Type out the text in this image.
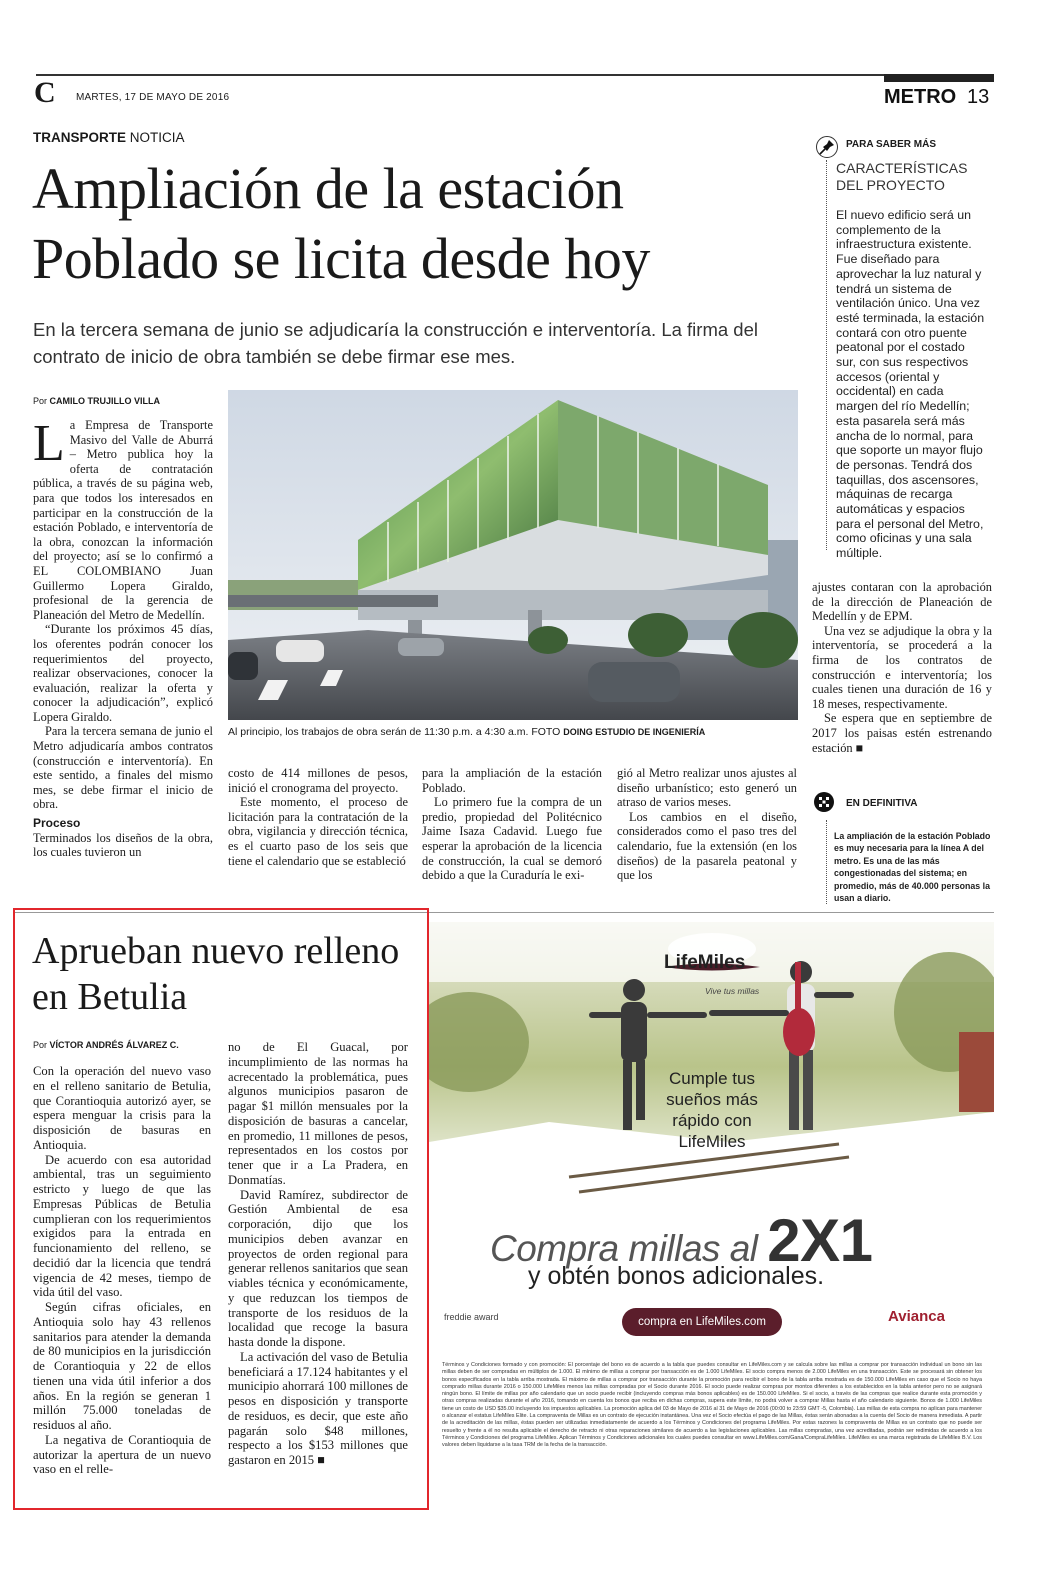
C MARTES, 17 DE MAYO DE 2016	METRO 13
TRANSPORTE NOTICIA
Ampliación de la estación Poblado se licita desde hoy
En la tercera semana de junio se adjudicaría la construcción e interventoría. La firma del contrato de inicio de obra también se debe firmar ese mes.
Por CAMILO TRUJILLO VILLA

La Empresa de Transporte Masivo del Valle de Aburrá – Metro publica hoy la oferta de contratación pública, a través de su página web, para que todos los interesados en participar en la construcción de la estación Poblado, e interventoría de la obra, conozcan la información del proyecto; así se lo confirmó a EL COLOMBIANO Juan Guillermo Lopera Giraldo, profesional de la gerencia de Planeación del Metro de Medellín.

“Durante los próximos 45 días, los oferentes podrán conocer los requerimientos del proyecto, realizar observaciones, conocer la evaluación, realizar la oferta y conocer la adjudicación”, explicó Lopera Giraldo.

Para la tercera semana de junio el Metro adjudicaría ambos contratos (construcción e interventoría). En este sentido, a finales del mismo mes, se debe firmar el inicio de obra.

Proceso

Terminados los diseños de la obra, los cuales tuvieron un

Al principio, los trabajos de obra serán de 11:30 p.m. a 4:30 a.m. FOTO DOING ESTUDIO DE INGENIERÍA

costo de 414 millones de pesos, inició el cronograma del proyecto.

Este momento, el proceso de licitación para la contratación de la obra, vigilancia y dirección técnica, es el cuarto paso de los seis que tiene el calendario que se estableció

para la ampliación de la estación Poblado.

Lo primero fue la compra de un predio, propiedad del Politécnico Jaime Isaza Cadavid. Luego fue esperar la aprobación de la licencia de construcción, la cual se demoró debido a que la Curaduría le exi-

gió al Metro realizar unos ajustes al diseño urbanístico; esto generó un atraso de varios meses.

Los cambios en el diseño, considerados como el paso tres del calendario, fue la extensión (en los diseños) de la pasarela peatonal y que los

ajustes contaran con la aprobación de la dirección de Planeación de Medellín y de EPM.

Una vez se adjudique la obra y la interventoría, se procederá a la firma de los contratos de construcción e interventoría; los cuales tienen una duración de 16 y 18 meses, respectivamente.

Se espera que en septiembre de 2017 los paisas estén estrenando estación ■

PARA SABER MÁS
CARACTERÍSTICAS DEL PROYECTO
El nuevo edificio será un complemento de la infraestructura existente. Fue diseñado para aprovechar la luz natural y tendrá un sistema de ventilación único. Una vez esté terminada, la estación contará con otro puente peatonal por el costado sur, con sus respectivos accesos (oriental y occidental) en cada margen del río Medellín; esta pasarela será más ancha de lo normal, para que soporte un mayor flujo de personas. Tendrá dos taquillas, dos ascensores, máquinas de recarga automáticas y espacios para el personal del Metro, como oficinas y una sala múltiple.
EN DEFINITIVA
La ampliación de la estación Poblado es muy necesaria para la línea A del metro. Es una de las más congestionadas del sistema; en promedio, más de 40.000 personas la usan a diario.
Aprueban nuevo relleno en Betulia
Por VÍCTOR ANDRÉS ÁLVAREZ C.

Con la operación del nuevo vaso en el relleno sanitario de Betulia, que Corantioquia autorizó ayer, se espera menguar la crisis para la disposición de basuras en Antioquia.

De acuerdo con esa autoridad ambiental, tras un seguimiento estricto y luego de que las Empresas Públicas de Betulia cumplieran con los requerimientos exigidos para la entrada en funcionamiento del relleno, se decidió dar la licencia que tendrá vigencia de 42 meses, tiempo de vida útil del vaso.

Según cifras oficiales, en Antioquia solo hay 43 rellenos sanitarios para atender la demanda de 80 municipios en la jurisdicción de Corantioquia y 22 de ellos tienen una vida útil inferior a dos años. En la región se generan 1 millón 75.000 toneladas de residuos al año.

La negativa de Corantioquia de autorizar la apertura de un nuevo vaso en el relle-

no de El Guacal, por incumplimiento de las normas ha acrecentado la problemática, pues algunos municipios pasaron de pagar $1 millón mensuales por la disposición de basuras a cancelar, en promedio, 11 millones de pesos, representados en los costos por tener que ir a La Pradera, en Donmatías.

David Ramírez, subdirector de Gestión Ambiental de esa corporación, dijo que los municipios deben avanzar en proyectos de orden regional para generar rellenos sanitarios que sean viables técnica y económicamente, y que reduzcan los tiempos de transporte de los residuos de la localidad que recoge la basura hasta donde la dispone.

La activación del vaso de Betulia beneficiará a 17.124 habitantes y el municipio ahorrará 100 millones de pesos en disposición y transporte de residuos, es decir, que este año pagarán solo $48 millones, respecto a los $153 millones que gastaron en 2015 ■

LifeMiles
Vive tus millas
Cumple tus sueños más rápido con LifeMiles
Compra millas al 2X1
y obtén bonos adicionales.
compra en LifeMiles.com
freddie award	Avianca
Términos y Condiciones formado y con promoción: El porcentaje del bono es de acuerdo a la tabla que puedes consultar en LifeMiles.com y se calcula sobre las millas a comprar por transacción individual un bono sin las millas deben de ser compradas en múltiplos de 1.000. El mínimo de millas a comprar por transacción es de 1.000 LifeMiles. El socio compra menos de 2.000 LifeMiles en una transacción. Este se procesará sin obtener los bonos especificados en la tabla arriba mostrada. El máximo de millas a comprar por transacción durante la promoción para recibir el bono de la tabla arriba mostrada es de 150.000 LifeMiles en caso que el Socio no haya comprado millas durante 2016 o 150.000 LifeMiles menos las millas compradas por el Socio durante 2016. El socio puede realizar compras por montos diferentes a los establecidos en la tabla anterior pero no se asignará ningún bono. El límite de millas por año calendario que un socio puede recibir (incluyendo compras más bonos aplicables) es de 150.000 LifeMiles. Si el socio, a través de las compras que realice durante esta promoción y otras compras realizadas durante el año 2016, tomando en cuenta los bonos que reciba en dichas compras, supera este límite, no podrá volver a comprar Millas hasta el año calendario siguiente. Bonos de 1.000 LifeMiles tiene un costo de USD $35.00 incluyendo los impuestos aplicables. La promoción aplica del 03 de Mayo de 2016 al 31 de Mayo de 2016 (00:00 to 23:59 GMT -5, Colombia). Las millas de esta compra no aplican para mantener o alcanzar el estatus LifeMiles Elite. La compraventa de Millas es un contrato de ejecución instantánea. Una vez el Socio efectúa el pago de las Millas, éstas serán abonadas a la cuenta del Socio de manera inmediata. A partir de la acreditación de las millas, éstas pueden ser utilizadas inmediatamente de acuerdo a los Términos y Condiciones del programa LifeMiles. Por estas razones la compraventa de Millas es un contrato que no puede ser resuelto y frente a él no resulta aplicable el derecho de retracto ni otras reparaciones similares de acuerdo a las legislaciones aplicables. Las millas compradas, una vez acreditadas, podrán ser redimidas de acuerdo a los Términos y Condiciones del programa LifeMiles. Aplican Términos y Condiciones adicionales los cuales puedes consultar en www.LifeMiles.com/Gana/CompraLifeMiles. LifeMiles es una marca registrada de LifeMiles B.V. Los valores deben liquidarse a la tasa TRM de la fecha de la transacción.
